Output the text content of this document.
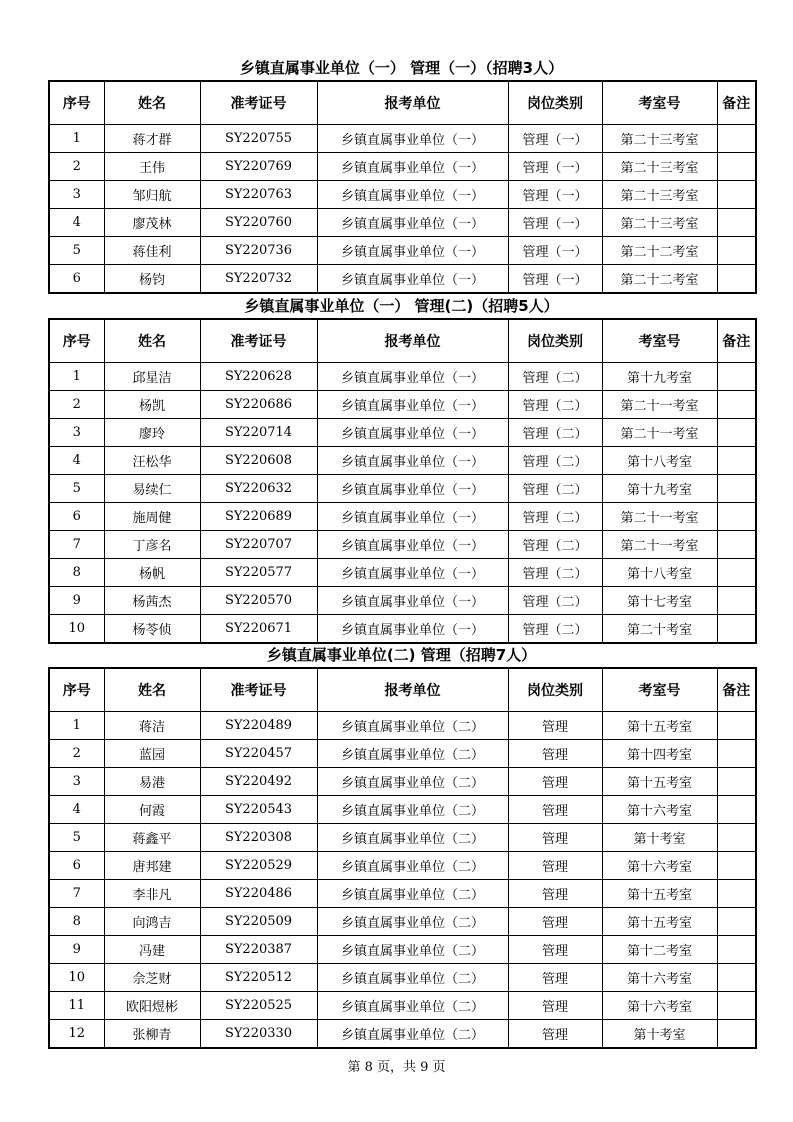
乡镇直属事业单位（一） 管理（一）（招聘3人）
序号	姓名	准考证号	报考单位	岗位类别	考室号	备注
1	蒋才群	SY220755	乡镇直属事业单位（一）	管理（一）	第二十三考室	
2	王伟	SY220769	乡镇直属事业单位（一）	管理（一）	第二十三考室	
3	邹归航	SY220763	乡镇直属事业单位（一）	管理（一）	第二十三考室	
4	廖茂林	SY220760	乡镇直属事业单位（一）	管理（一）	第二十三考室	
5	蒋佳利	SY220736	乡镇直属事业单位（一）	管理（一）	第二十二考室	
6	杨钧	SY220732	乡镇直属事业单位（一）	管理（一）	第二十二考室	
乡镇直属事业单位（一） 管理(二)（招聘5人）
序号	姓名	准考证号	报考单位	岗位类别	考室号	备注
1	邱星洁	SY220628	乡镇直属事业单位（一）	管理（二）	第十九考室	
2	杨凯	SY220686	乡镇直属事业单位（一）	管理（二）	第二十一考室	
3	廖玲	SY220714	乡镇直属事业单位（一）	管理（二）	第二十一考室	
4	汪松华	SY220608	乡镇直属事业单位（一）	管理（二）	第十八考室	
5	易续仁	SY220632	乡镇直属事业单位（一）	管理（二）	第十九考室	
6	施周健	SY220689	乡镇直属事业单位（一）	管理（二）	第二十一考室	
7	丁彦名	SY220707	乡镇直属事业单位（一）	管理（二）	第二十一考室	
8	杨帆	SY220577	乡镇直属事业单位（一）	管理（二）	第十八考室	
9	杨茜杰	SY220570	乡镇直属事业单位（一）	管理（二）	第十七考室	
10	杨苓侦	SY220671	乡镇直属事业单位（一）	管理（二）	第二十考室	
乡镇直属事业单位(二) 管理（招聘7人）
序号	姓名	准考证号	报考单位	岗位类别	考室号	备注
1	蒋洁	SY220489	乡镇直属事业单位（二）	管理	第十五考室	
2	蓝园	SY220457	乡镇直属事业单位（二）	管理	第十四考室	
3	易港	SY220492	乡镇直属事业单位（二）	管理	第十五考室	
4	何霞	SY220543	乡镇直属事业单位（二）	管理	第十六考室	
5	蒋鑫平	SY220308	乡镇直属事业单位（二）	管理	第十考室	
6	唐邦建	SY220529	乡镇直属事业单位（二）	管理	第十六考室	
7	李非凡	SY220486	乡镇直属事业单位（二）	管理	第十五考室	
8	向鸿吉	SY220509	乡镇直属事业单位（二）	管理	第十五考室	
9	冯建	SY220387	乡镇直属事业单位（二）	管理	第十二考室	
10	佘芝财	SY220512	乡镇直属事业单位（二）	管理	第十六考室	
11	欧阳煜彬	SY220525	乡镇直属事业单位（二）	管理	第十六考室	
12	张柳青	SY220330	乡镇直属事业单位（二）	管理	第十考室	
第 8 页，共 9 页
